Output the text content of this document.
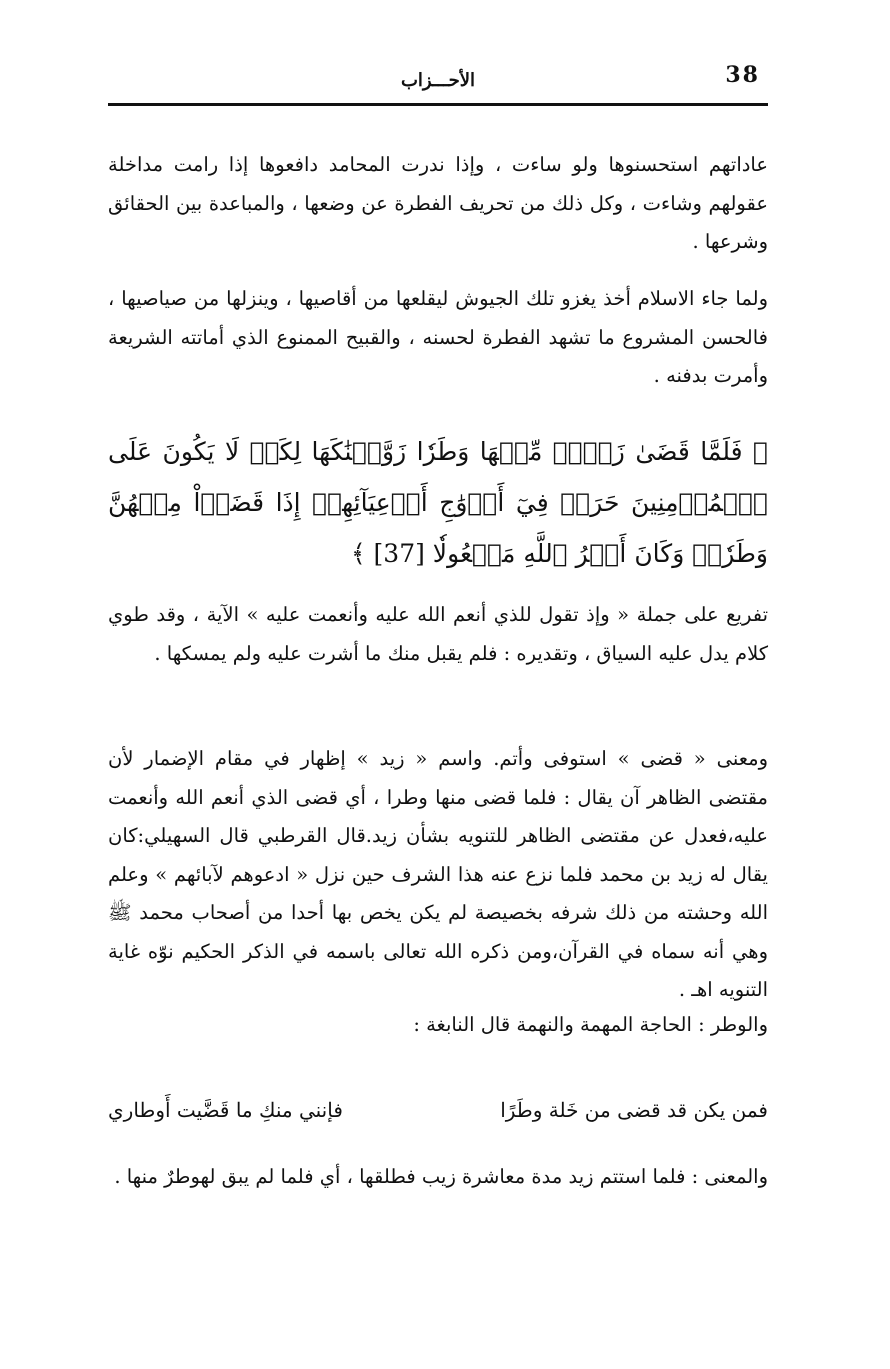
38
الأحـــزاب
عاداتهم استحسنوها ولو ساءت ، وإذا ندرت المحامد دافعوها إذا رامت مداخلة عقولهم وشاءت ، وكل ذلك من تحريف الفطرة عن وضعها ، والمباعدة بين الحقائق وشرعها .
ولما جاء الاسلام أخذ يغزو تلك الجيوش ليقلعها من أقاصيها ، وينزلها من صياصيها ، فالحسن المشروع ما تشهد الفطرة لحسنه ، والقبيح الممنوع الذي أماتته الشريعة وأمرت بدفنه .
﴿ فَلَمَّا قَضَىٰ زَيۡدٞ مِّنۡهَا وَطَرٗا زَوَّجۡنَٰكَهَا لِكَيۡ لَا يَكُونَ عَلَى ٱلۡمُؤۡمِنِينَ حَرَجٞ فِيٓ أَزۡوَٰجِ أَدۡعِيَآئِهِمۡ إِذَا قَضَوۡاْ مِنۡهُنَّ وَطَرٗاۚ وَكَانَ أَمۡرُ ٱللَّهِ مَفۡعُولٗا [37] ﴾
تفريع على جملة « وإذ تقول للذي أنعم الله عليه وأنعمت عليه » الآية ، وقد طوي كلام يدل عليه السياق ، وتقديره : فلم يقبل منك ما أشرت عليه ولم يمسكها .
ومعنى « قضى » استوفى وأتم. واسم « زيد » إظهار في مقام الإضمار لأن مقتضى الظاهر آن يقال : فلما قضى منها وطرا ، أي قضى الذي أنعم الله وأنعمت عليه،فعدل عن مقتضى الظاهر للتنويه بشأن زيد.قال القرطبي قال السهيلي:كان يقال له زيد بن محمد فلما نزع عنه هذا الشرف حين نزل « ادعوهم لآبائهم » وعلم الله وحشته من ذلك شرفه بخصيصة لم يكن يخص بها أحدا من أصحاب محمد ﷺ وهي أنه سماه في القرآن،ومن ذكره الله تعالى باسمه في الذكر الحكيم نوّه غاية التنويه اهـ .
والوطر : الحاجة المهمة والنهمة قال النابغة :
فمن يكن قد قضى من خَلة وطَرًا
فإنني منكِ ما قَضَّيت أَوطاري
والمعنى : فلما استتم زيد مدة معاشرة زيب فطلقها ، أي فلما لم يبق لهوطرٌ منها .
